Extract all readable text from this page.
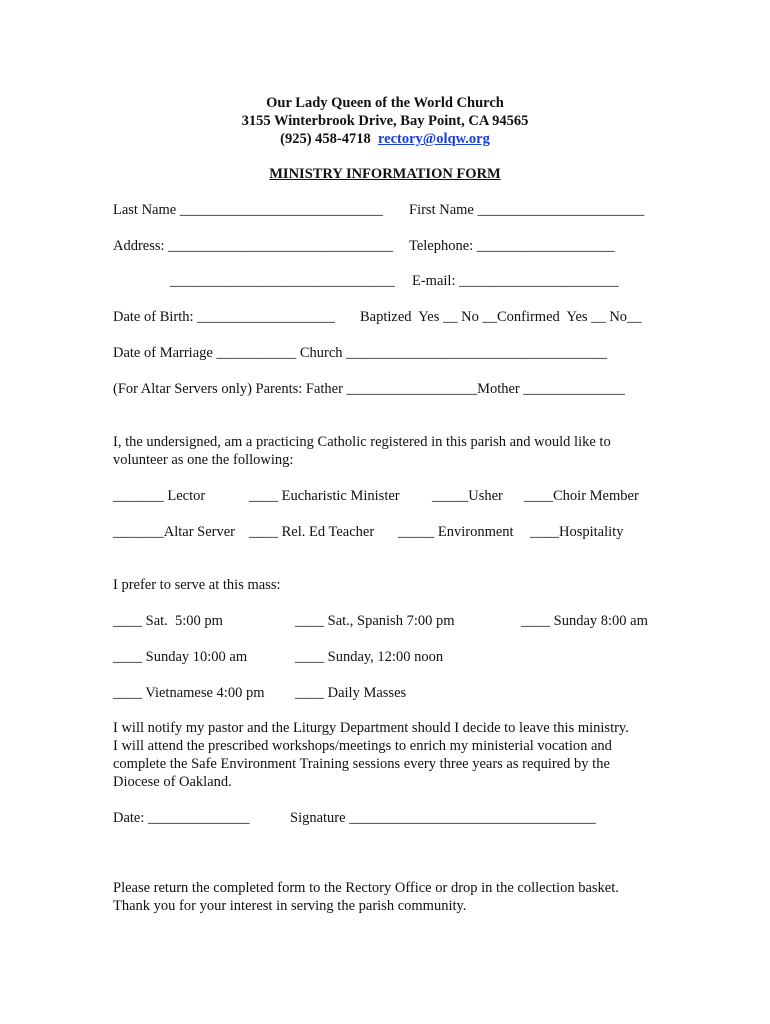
Our Lady Queen of the World Church
3155 Winterbrook Drive, Bay Point, CA 94565
(925) 458-4718 rectory@olqw.org
MINISTRY INFORMATION FORM
Last Name ____________________________ First Name _______________________
Address: _______________________________ Telephone: ___________________
_______________________________ E-mail: ______________________
Date of Birth: ___________________ Baptized  Yes __ No __Confirmed  Yes __ No__
Date of Marriage ___________ Church ____________________________________
(For Altar Servers only) Parents: Father __________________Mother ______________
I, the undersigned, am a practicing Catholic registered in this parish and would like to
volunteer as one the following:
_______ Lector	____ Eucharistic Minister _____Usher ____Choir Member
_______Altar Server ____ Rel. Ed Teacher _____ Environment ____Hospitality
I prefer to serve at this mass:
____ Sat.  5:00 pm	____ Sat., Spanish 7:00 pm	____ Sunday 8:00 am
____ Sunday 10:00 am	____ Sunday, 12:00 noon
____ Vietnamese 4:00 pm ____ Daily Masses
I will notify my pastor and the Liturgy Department should I decide to leave this ministry.
I will attend the prescribed workshops/meetings to enrich my ministerial vocation and
complete the Safe Environment Training sessions every three years as required by the
Diocese of Oakland.
Date: ______________	Signature __________________________________
Please return the completed form to the Rectory Office or drop in the collection basket.
Thank you for your interest in serving the parish community.
